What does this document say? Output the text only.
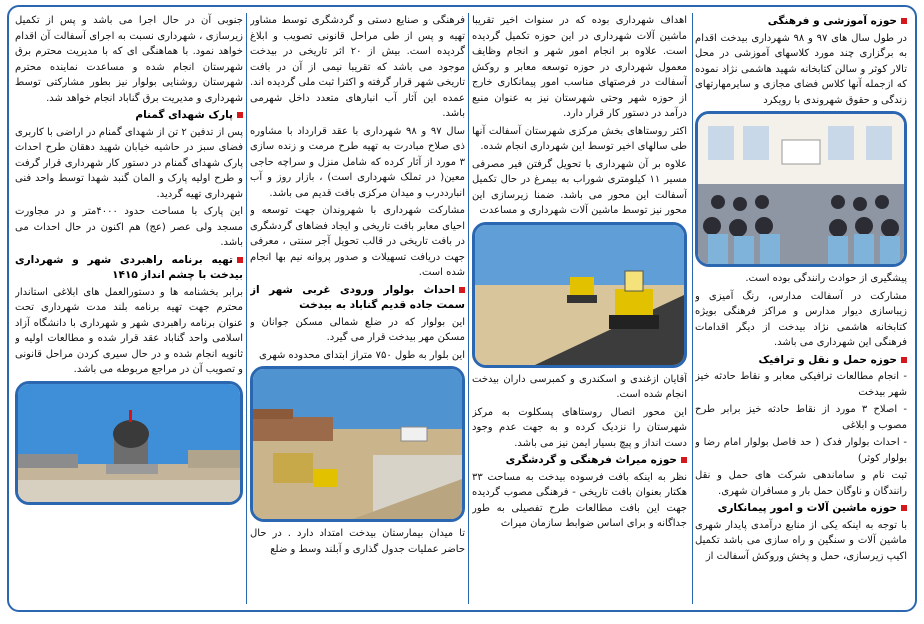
حوزه آموزشی و فرهنگی

در طول سال های ۹۷ و ۹۸ شهرداری بیدخت اقدام به برگزاری چند مورد کلاسهای آموزشی در محل تالار کوثر و سالن کتابخانه شهید هاشمی نژاد نموده که ازجمله آنها کلاس فضای مجازی و سایرمهارتهای زندگی و حقوق شهروندی با رویکرد

پیشگیری از حوادث رانندگی بوده است.

مشارکت در آسفالت مدارس، رنگ آمیزی و زیباسازی دیوار مدارس و مراکز فرهنگی بویژه کتابخانه هاشمی نژاد بیدخت از دیگر اقدامات فرهنگی این شهرداری می باشد.

حوزه حمل و نقل و ترافیک

- انجام مطالعات ترافیکی معابر و نقاط حادثه خیز شهر بیدخت

- اصلاح ۳ مورد از نقاط حادثه خیز برابر طرح مصوب و ابلاغی

- احداث بولوار فدک ( حد فاصل بولوار امام رضا و بولوار کوثر)

ثبت نام و ساماندهی شرکت های حمل و نقل رانندگان و ناوگان حمل بار و مسافران شهری.

حوزه ماشین آلات و امور پیمانکاری

با توجه به اینکه یکی از منابع درآمدی پایدار شهری ماشین آلات و سنگین و راه سازی می باشد تکمیل اکیپ زیرسازی، حمل و پخش وروکش آسفالت از

اهداف شهرداری بوده که در سنوات اخیر تقریبا ماشین آلات شهرداری در این حوزه تکمیل گردیده است. علاوه بر انجام امور شهر و انجام وظایف معمول شهرداری در حوزه توسعه معابر و روکش آسفالت در فرصتهای مناسب امور پیمانکاری خارج از حوزه شهر وحتی شهرستان نیز به عنوان منبع درآمد در دستور کار قرار دارد.

اکثر روستاهای بخش مرکزی شهرستان آسفالت آنها طی سالهای اخیر توسط این شهرداری انجام شده.

علاوه بر آن شهرداری با تحویل گرفتن فیر مصرفی مسیر ۱۱ کیلومتری شوراب به بیمرغ در حال تکمیل آسفالت این محور می باشد. ضمنا زیرسازی این محور نیز توسط ماشین آلات شهرداری و مساعدت

آقایان ازغندی و اسکندری و کمبرسی داران بیدخت انجام شده است.

این محور اتصال روستاهای پسکلوت به مرکز شهرستان را نزدیک کرده و به جهت عدم وجود دست انداز و پیچ بسیار ایمن نیز می باشد.

حوزه میراث فرهنگی و گردشگری

نظر به اینکه بافت فرسوده بیدخت به مساحت ۳۳ هکتار بعنوان بافت تاریخی - فرهنگی مصوب گردیده جهت این بافت مطالعات طرح تفصیلی به طور جداگانه و برای اساس ضوابط سازمان میراث

فرهنگی و صنایع دستی و گردشگری توسط مشاور تهیه و پس از طی مراحل قانونی تصویب و ابلاغ گردیده است. بیش از ۲۰ اثر تاریخی در بیدخت موجود می باشد که تقریبا نیمی از آن در بافت تاریخی شهر قرار گرفته و اکثرا ثبت ملی گردیده اند. عمده این آثار آب انبارهای متعدد داخل شهرمی باشد.

سال ۹۷ و ۹۸ شهرداری با عقد قرارداد با مشاوره ذی صلاح مبادرت به تهیه طرح مرمت و زنده سازی ۳ مورد از آثار کرده که شامل منزل و سراچه حاجی معین( در تملک شهرداری است) ، بازار روز و آب انبارددرب و میدان مرکزی بافت قدیم می باشد.

مشارکت شهرداری با شهروندان جهت توسعه و احیای معابر بافت تاریخی و ایجاد فضاهای گردشگری در بافت تاریخی در قالب تحویل آجر سنتی ، معرفی جهت دریافت تسهیلات و صدور پروانه نیم بها انجام شده است.

احداث بولوار ورودی غربی شهر از سمت جاده قدیم گناباد به بیدخت

این بولوار که در ضلع شمالی مسکن جوانان و مسکن مهر بیدخت قرار می گیرد.

این بلوار به طول ۷۵۰ متراز ابتدای محدوده شهری

تا میدان بیمارستان بیدخت امتداد دارد . در حال حاضر عملیات جدول گذاری و آبلند وسط و ضلع

جنوبی آن در حال اجرا می باشد و پس از تکمیل زیرسازی ، شهرداری نسبت به اجرای آسفالت آن اقدام خواهد نمود. با هماهنگی ای که با مدیریت محترم برق شهرستان انجام شده و مساعدت نماینده محترم شهرستان روشنایی بولوار نیز بطور مشارکتی توسط شهرداری و مدیریت برق گناباد انجام خواهد شد.

پارک شهدای گمنام

پس از تدفین ۲ تن از شهدای گمنام در اراضی با کاربری فضای سبز در حاشیه خیابان شهید دهقان طرح احداث پارک شهدای گمنام در دستور کار شهرداری قرار گرفت و طرح اولیه پارک و المان گنبد شهدا توسط واحد فنی شهرداری تهیه گردید.

این پارک با مساحت حدود ۴۰۰۰متر و در مجاورت مسجد ولی عصر (عج) هم اکنون در حال احداث می باشد.

تهیه برنامه راهبردی شهر و شهرداری بیدخت با چشم انداز ۱۴۱۵

برابر بخشنامه ها و دستورالعمل های ابلاغی استاندار محترم جهت تهیه برنامه بلند مدت شهرداری تحت عنوان برنامه راهبردی شهر و شهرداری با دانشگاه آزاد اسلامی واحد گناباد عقد قرار شده و مطالعات اولیه و ثانویه انجام شده و در حال سیری کردن مراحل قانونی و تصویب آن در مراجع مربوطه می باشد.
